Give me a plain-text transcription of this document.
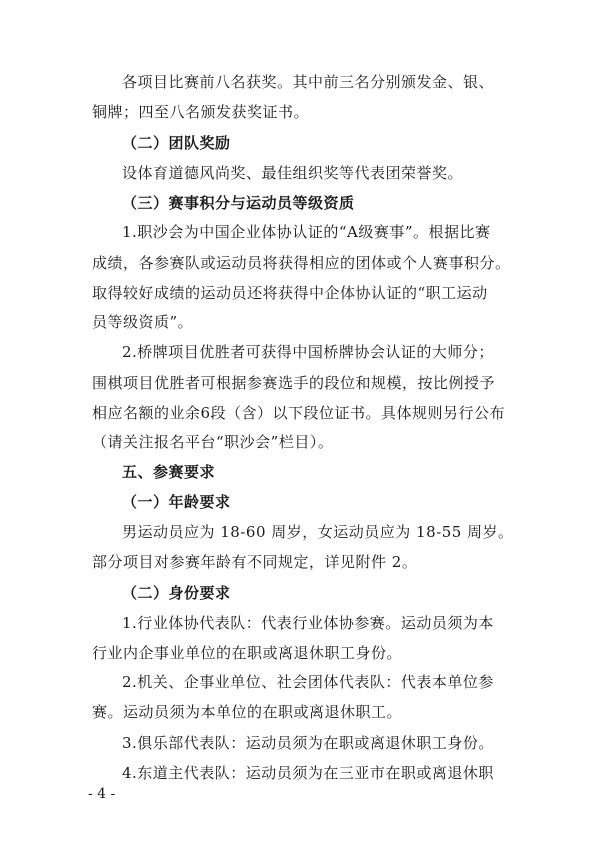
各项目比赛前八名获奖。其中前三名分别颁发金、银、
铜牌；四至八名颁发获奖证书。
（二）团队奖励
设体育道德风尚奖、最佳组织奖等代表团荣誉奖。
（三）赛事积分与运动员等级资质
1.职沙会为中国企业体协认证的“A级赛事”。根据比赛
成绩，各参赛队或运动员将获得相应的团体或个人赛事积分。
取得较好成绩的运动员还将获得中企体协认证的“职工运动
员等级资质”。
2.桥牌项目优胜者可获得中国桥牌协会认证的大师分；
围棋项目优胜者可根据参赛选手的段位和规模，按比例授予
相应名额的业余6段（含）以下段位证书。具体规则另行公布
（请关注报名平台“职沙会”栏目）。
五、参赛要求
（一）年龄要求
男运动员应为 18-60 周岁，女运动员应为 18-55 周岁。
部分项目对参赛年龄有不同规定，详见附件 2。
（二）身份要求
1.行业体协代表队：代表行业体协参赛。运动员须为本
行业内企事业单位的在职或离退休职工身份。
2.机关、企事业单位、社会团体代表队：代表本单位参
赛。运动员须为本单位的在职或离退休职工。
3.俱乐部代表队：运动员须为在职或离退休职工身份。
4.东道主代表队：运动员须为在三亚市在职或离退休职
- 4 -
